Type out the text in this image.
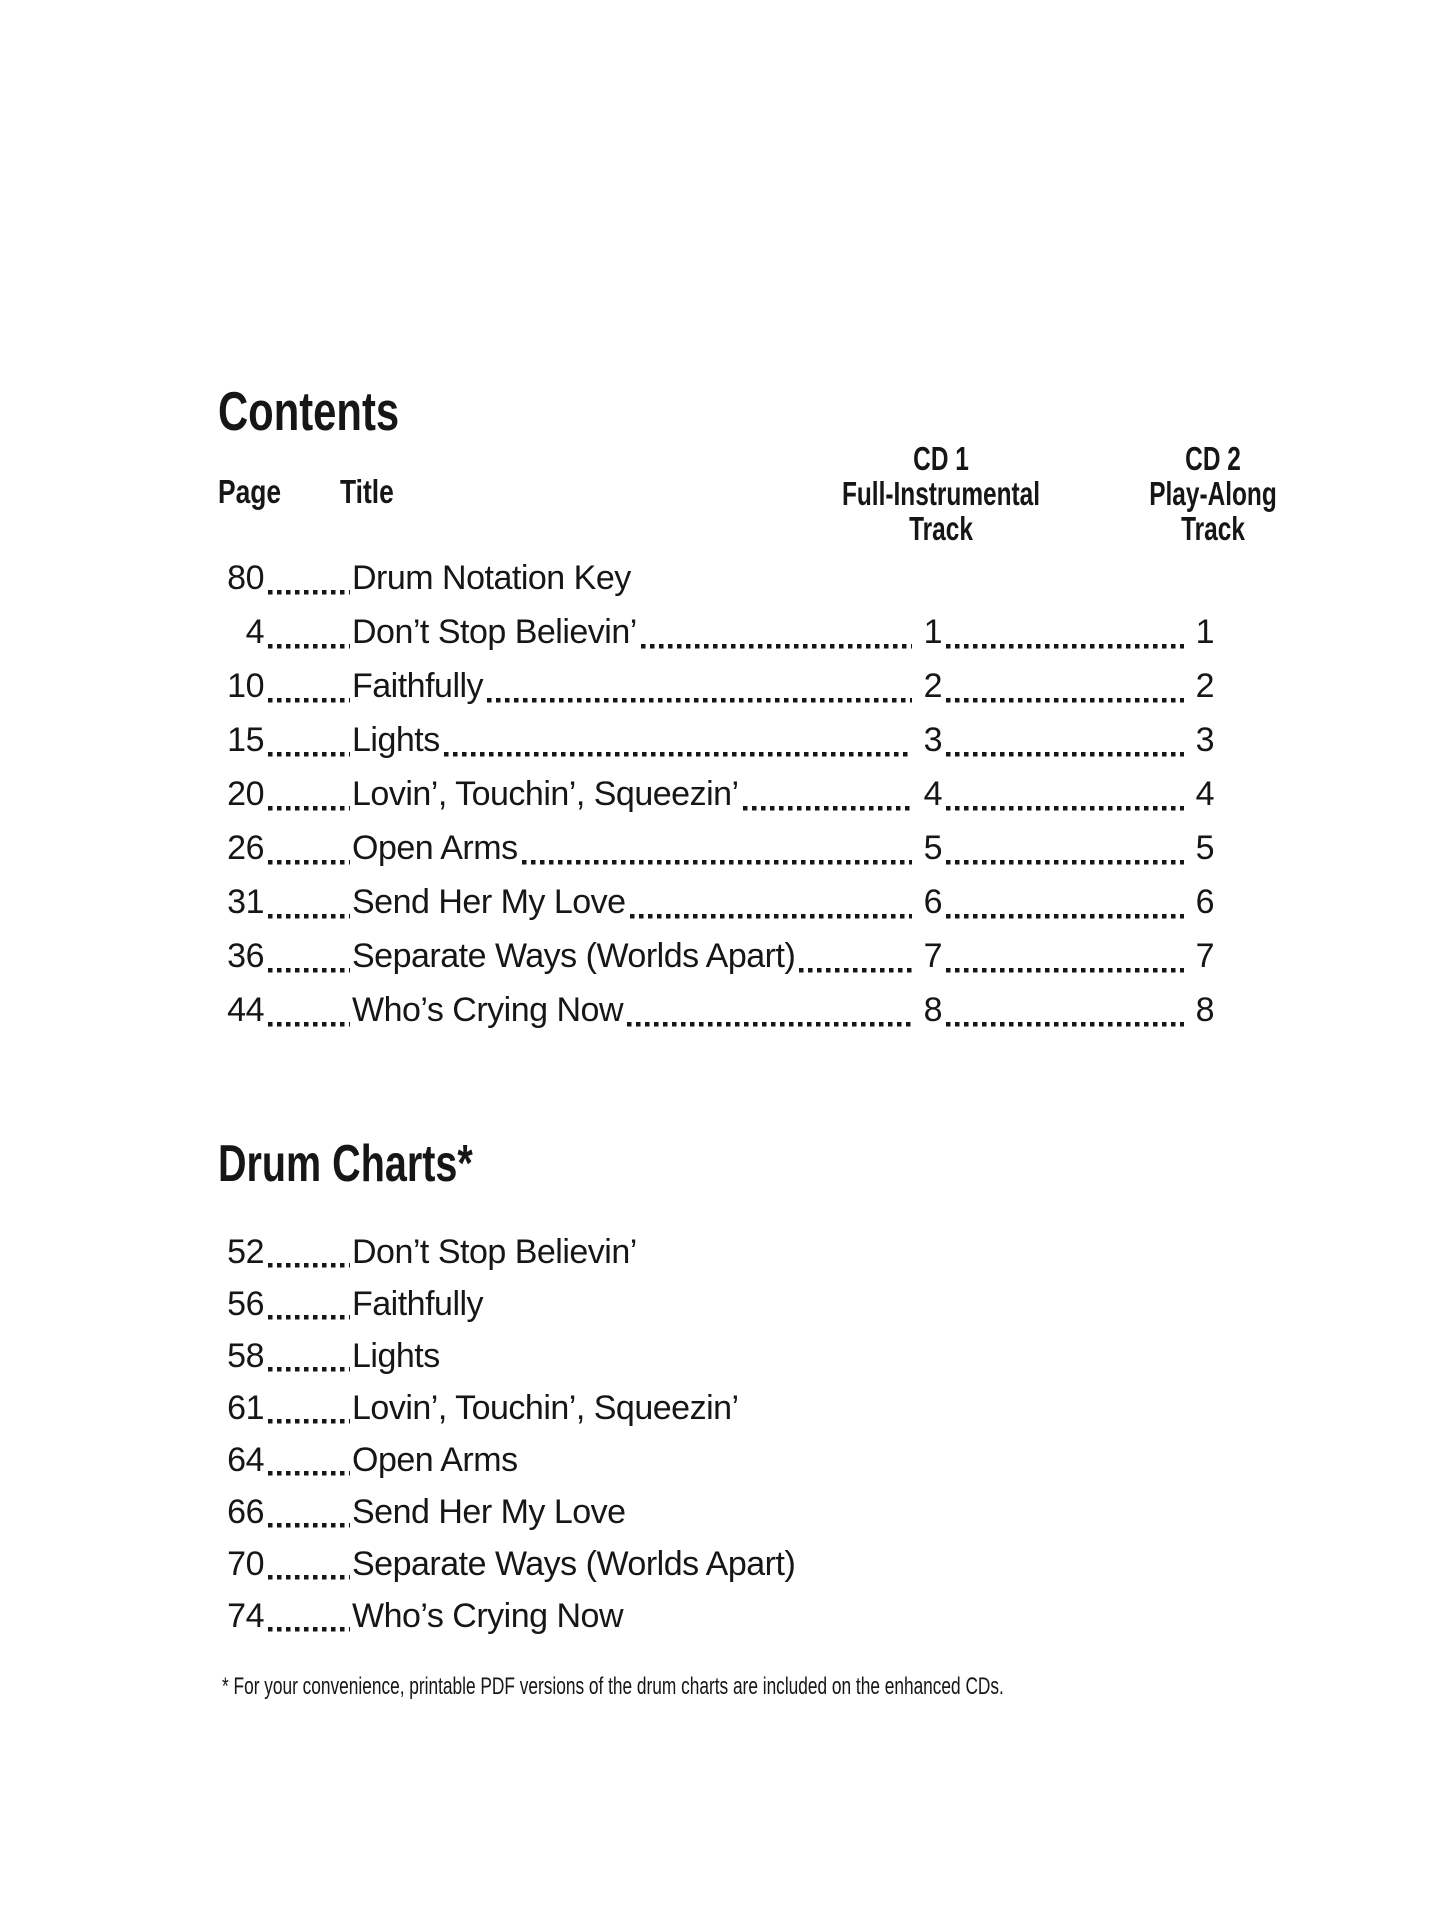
Contents
Page Title
CD 1
Full-Instrumental
Track
CD 2
Play-Along
Track
80	Drum Notation Key
4	Don’t Stop Believin’	1	1
10	Faithfully	2	2
15	Lights	3	3
20	Lovin’, Touchin’, Squeezin’	4	4
26	Open Arms	5	5
31	Send Her My Love	6	6
36	Separate Ways (Worlds Apart)	7	7
44	Who’s Crying Now	8	8
Drum Charts*
52	Don’t Stop Believin’
56	Faithfully
58	Lights
61	Lovin’, Touchin’, Squeezin’
64	Open Arms
66	Send Her My Love
70	Separate Ways (Worlds Apart)
74	Who’s Crying Now

* For your convenience, printable PDF versions of the drum charts are included on the enhanced CDs.
